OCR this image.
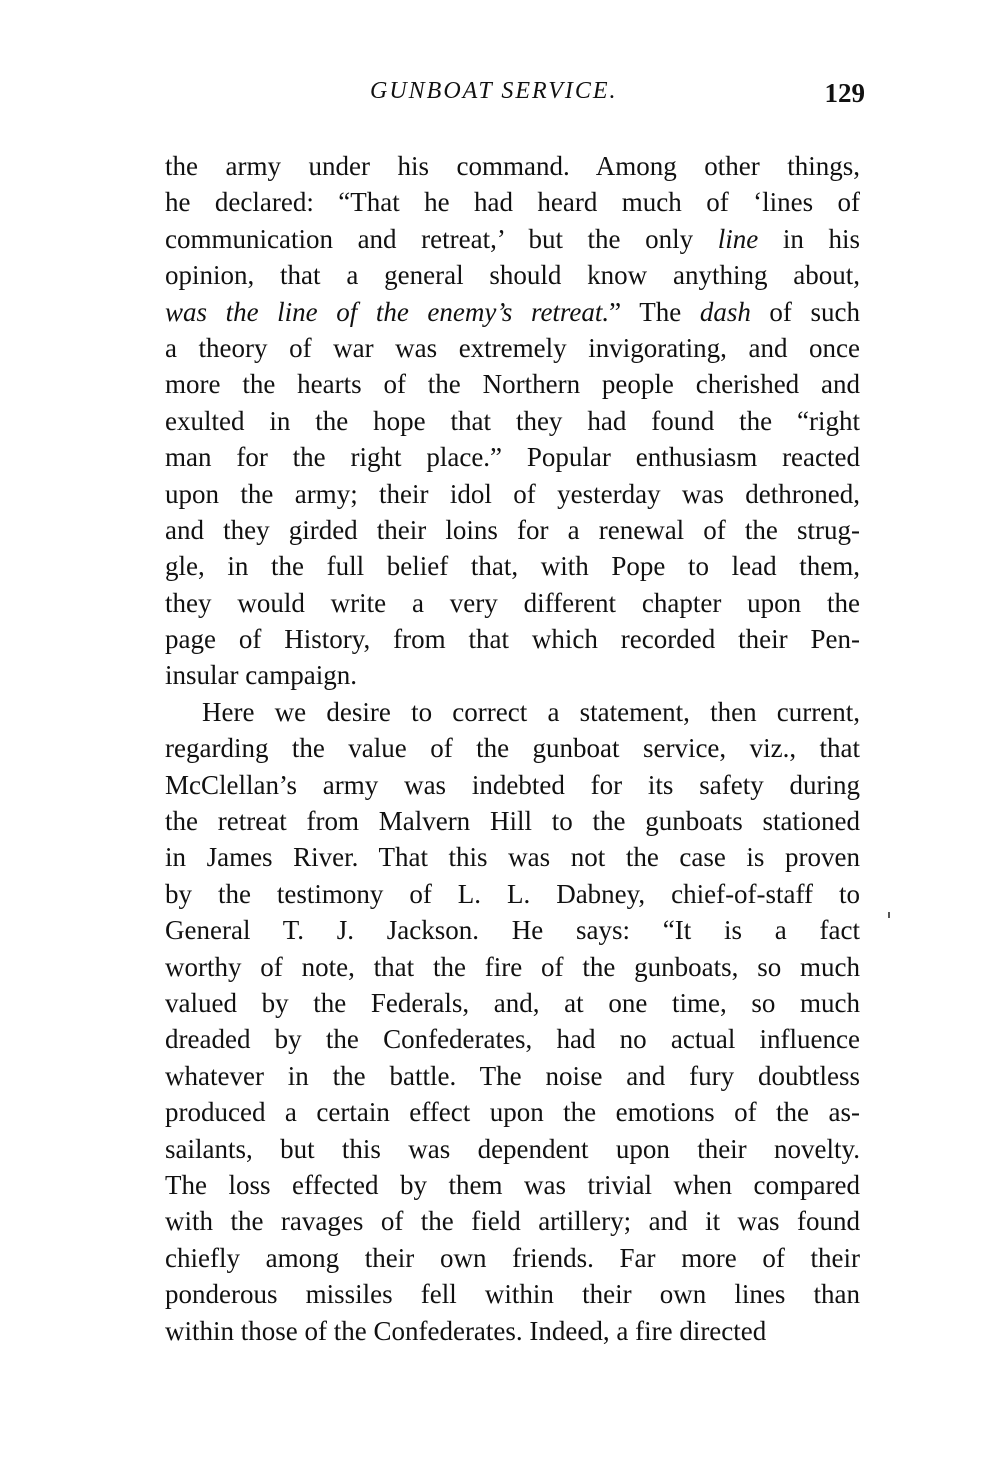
GUNBOAT SERVICE.	129
the army under his command. Among other things,
he declared: “That he had heard much of ‘lines of
communication and retreat,’ but the only line in his
opinion, that a general should know anything about,
was the line of the enemy’s retreat.” The dash of such
a theory of war was extremely invigorating, and once
more the hearts of the Northern people cherished and
exulted in the hope that they had found the “right
man for the right place.” Popular enthusiasm reacted
upon the army; their idol of yesterday was dethroned,
and they girded their loins for a renewal of the strug-
gle, in the full belief that, with Pope to lead them,
they would write a very different chapter upon the
page of History, from that which recorded their Pen-
insular campaign.
Here we desire to correct a statement, then current,
regarding the value of the gunboat service, viz., that
McClellan’s army was indebted for its safety during
the retreat from Malvern Hill to the gunboats stationed
in James River. That this was not the case is proven
by the testimony of L. L. Dabney, chief-of-staff to
General T. J. Jackson. He says: “It is a fact
worthy of note, that the fire of the gunboats, so much
valued by the Federals, and, at one time, so much
dreaded by the Confederates, had no actual influence
whatever in the battle. The noise and fury doubtless
produced a certain effect upon the emotions of the as-
sailants, but this was dependent upon their novelty.
The loss effected by them was trivial when compared
with the ravages of the field artillery; and it was found
chiefly among their own friends. Far more of their
ponderous missiles fell within their own lines than
within those of the Confederates. Indeed, a fire directed
